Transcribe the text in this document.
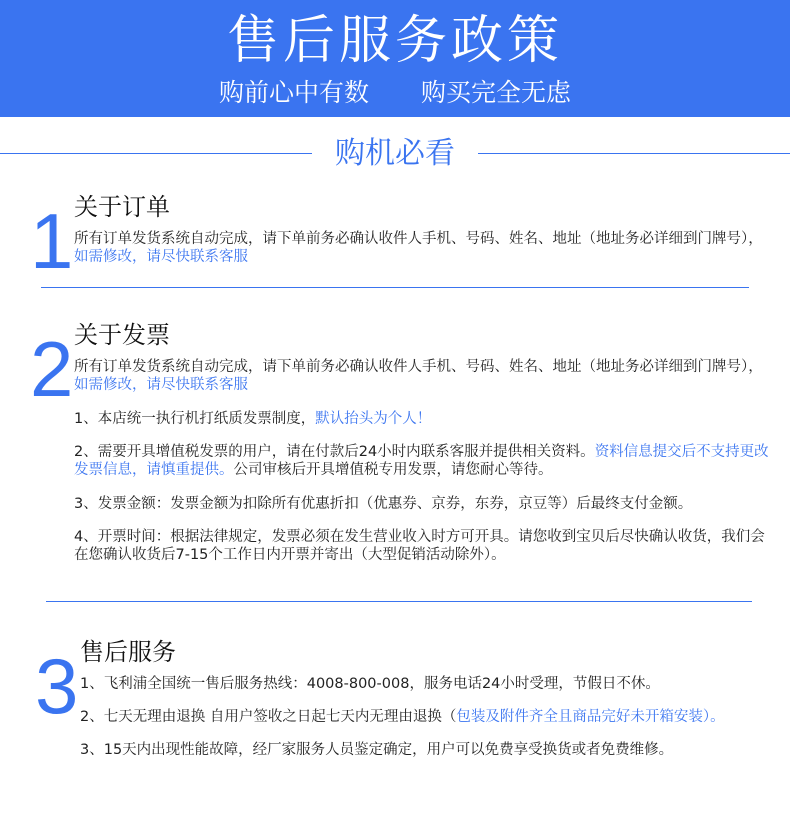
售后服务政策
购前心中有数 购买完全无虑
购机必看
1 关于订单
所有订单发货系统自动完成，请下单前务必确认收件人手机、号码、姓名、地址（地址务必详细到门牌号），如需修改，请尽快联系客服
2 关于发票
所有订单发货系统自动完成，请下单前务必确认收件人手机、号码、姓名、地址（地址务必详细到门牌号），如需修改，请尽快联系客服
1、本店统一执行机打纸质发票制度，默认抬头为个人！
2、需要开具增值税发票的用户，请在付款后24小时内联系客服并提供相关资料。资料信息提交后不支持更改发票信息，请慎重提供。公司审核后开具增值税专用发票，请您耐心等待。
3、发票金额：发票金额为扣除所有优惠折扣（优惠券、京券，东券，京豆等）后最终支付金额。
4、开票时间：根据法律规定，发票必须在发生营业收入时方可开具。请您收到宝贝后尽快确认收货，我们会在您确认收货后7-15个工作日内开票并寄出（大型促销活动除外）。
3 售后服务
1、飞利浦全国统一售后服务热线：4008-800-008，服务电话24小时受理，节假日不休。
2、七天无理由退换 自用户签收之日起七天内无理由退换（包装及附件齐全且商品完好未开箱安装）。
3、15天内出现性能故障，经厂家服务人员鉴定确定，用户可以免费享受换货或者免费维修。
